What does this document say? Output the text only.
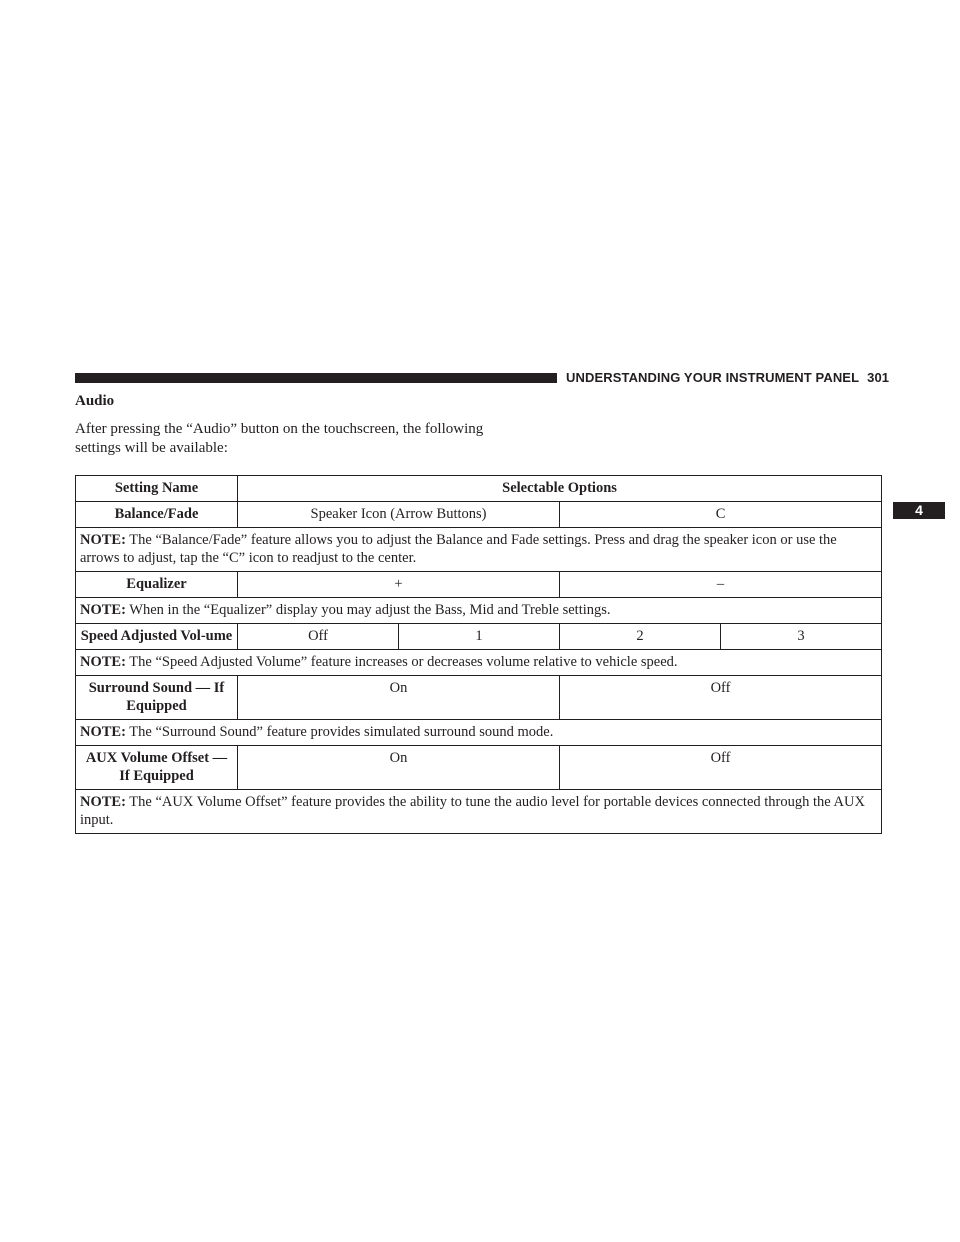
UNDERSTANDING YOUR INSTRUMENT PANEL 301
4
Audio

After pressing the “Audio” button on the touchscreen, the following settings will be available:

Setting Name	Selectable Options			
Balance/Fade	Speaker Icon (Arrow Buttons)		C	
NOTE: The “Balance/Fade” feature allows you to adjust the Balance and Fade settings. Press and drag the speaker icon or use the arrows to adjust, tap the “C” icon to readjust to the center.				
Equalizer	+		–	
NOTE: When in the “Equalizer” display you may adjust the Bass, Mid and Treble settings.				
Speed Adjusted Vol-ume	Off	1	2	3
NOTE: The “Speed Adjusted Volume” feature increases or decreases volume relative to vehicle speed.				
Surround Sound — If Equipped	On		Off	
NOTE: The “Surround Sound” feature provides simulated surround sound mode.				
AUX Volume Offset — If Equipped	On		Off	
NOTE: The “AUX Volume Offset” feature provides the ability to tune the audio level for portable devices connected through the AUX input.				
